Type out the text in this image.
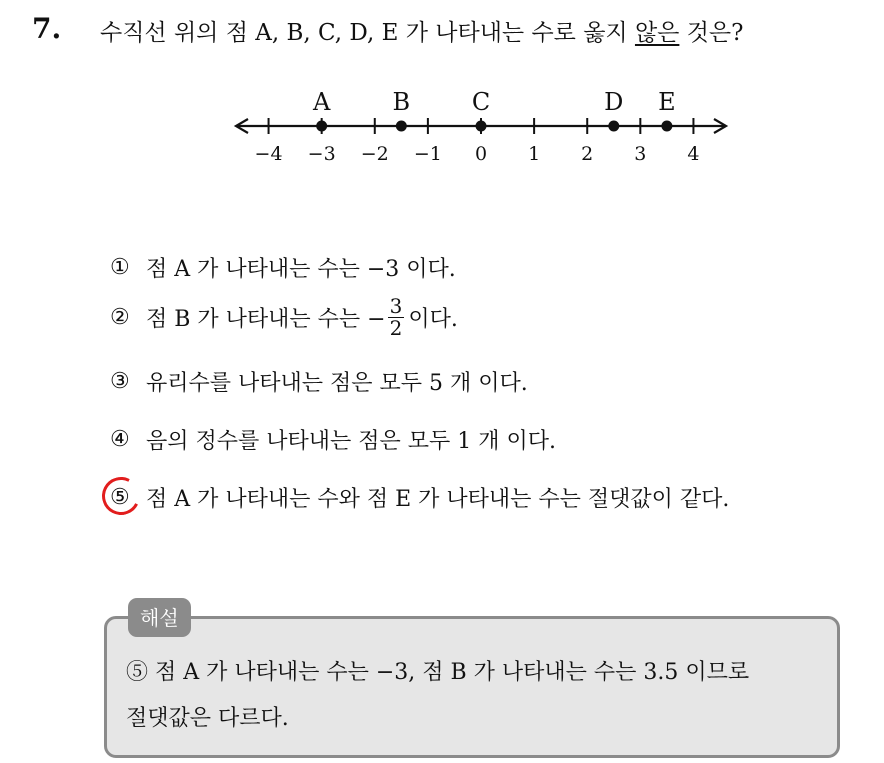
7. 수직선 위의 점 A, B, C, D, E 가 나타내는 수로 옳지 않은 것은?
−4 −3 −2 −1 0 1 2 3 4
A	B	C	D E
① 점 A 가 나타내는 수는 −3 이다.
② 점 B 가 나타내는 수는 − $\frac{3}{2}$ 이다.
③ 유리수를 나타내는 점은 모두 5 개 이다.
④ 음의 정수를 나타내는 점은 모두 1 개 이다.
⑤ 점 A 가 나타내는 수와 점 E 가 나타내는 수는 절댓값이 같다.
해설
⑤ 점 A 가 나타내는 수는 −3, 점 B 가 나타내는 수는 3.5 이므로
절댓값은 다르다.
